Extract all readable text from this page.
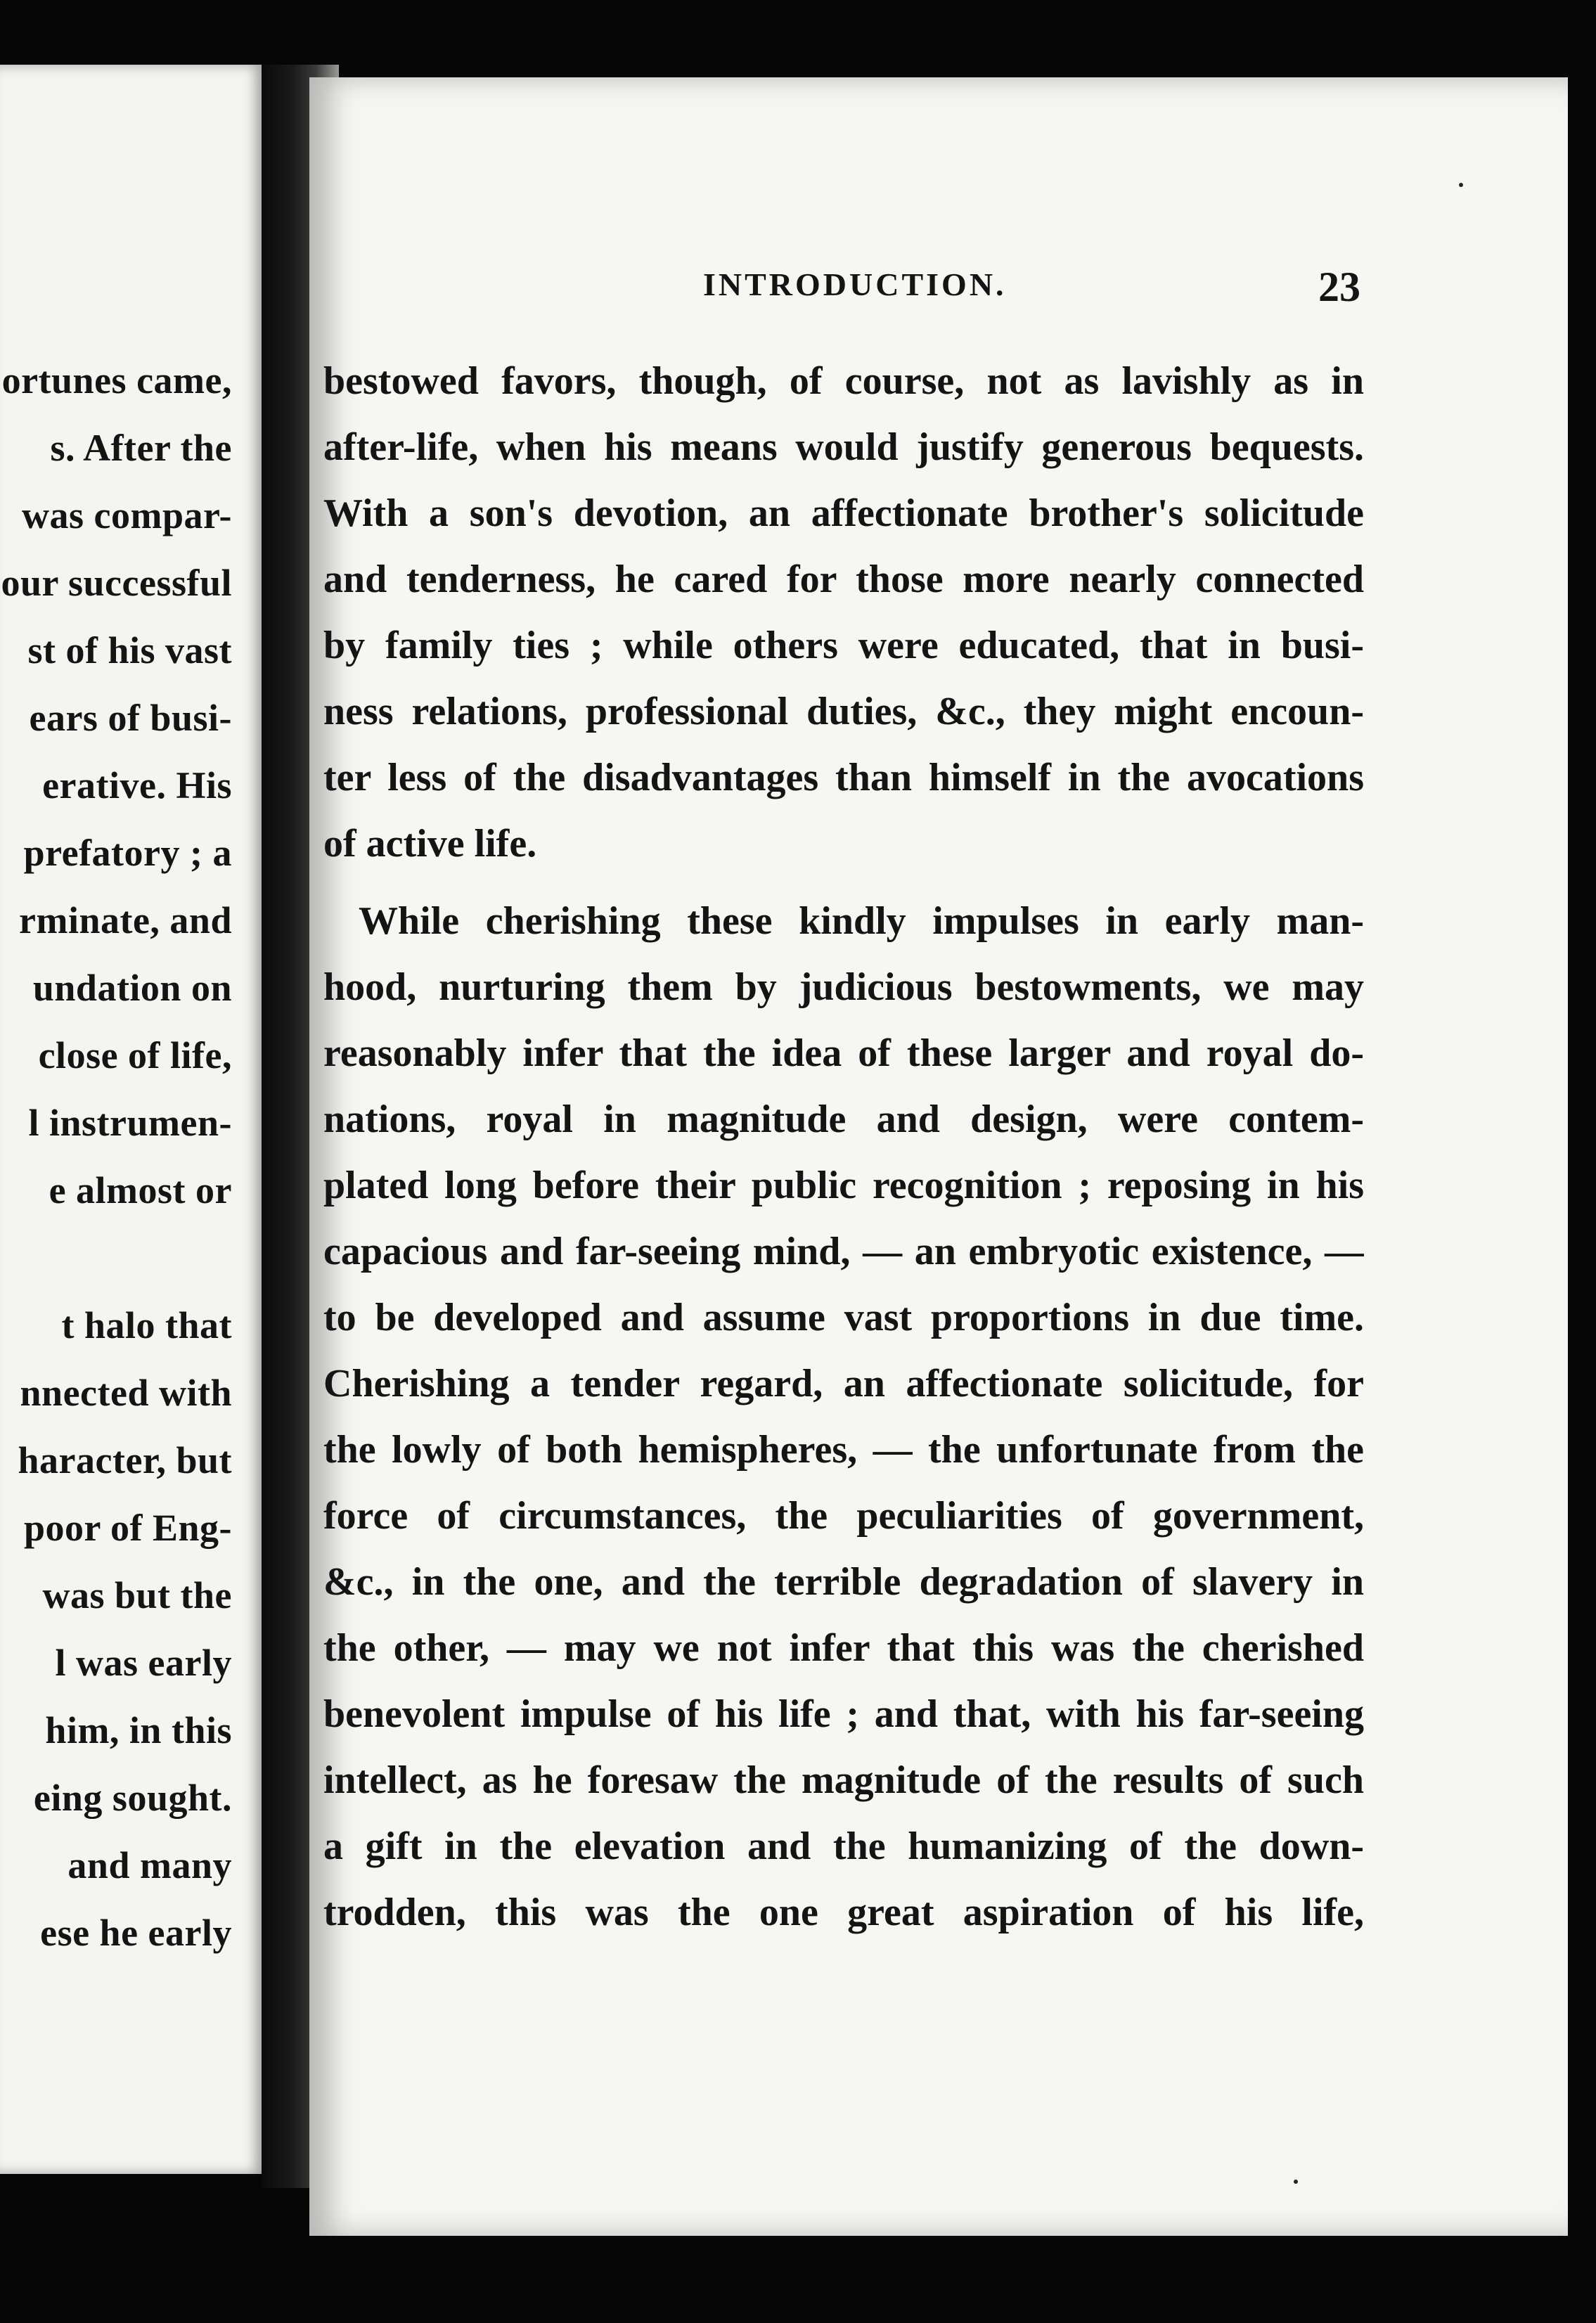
ortunes came,
s. After the
was compar-
our successful
st of his vast
ears of busi-
erative. His
prefatory ; a
rminate, and
undation on
close of life,
l instrumen-
e almost or
t halo that
nnected with
haracter, but
poor of Eng-
was but the
l was early
him, in this
eing sought.
and many
ese he early
INTRODUCTION.	23
bestowed favors, though, of course, not as lavishly as in
after-life, when his means would justify generous bequests.
With a son's devotion, an affectionate brother's solicitude
and tenderness, he cared for those more nearly connected
by family ties ; while others were educated, that in busi-
ness relations, professional duties, &c., they might encoun-
ter less of the disadvantages than himself in the avocations
of active life.
While cherishing these kindly impulses in early man-
hood, nurturing them by judicious bestowments, we may
reasonably infer that the idea of these larger and royal do-
nations, royal in magnitude and design, were contem-
plated long before their public recognition ; reposing in his
capacious and far-seeing mind, — an embryotic existence, —
to be developed and assume vast proportions in due time.
Cherishing a tender regard, an affectionate solicitude, for
the lowly of both hemispheres, — the unfortunate from the
force of circumstances, the peculiarities of government,
&c., in the one, and the terrible degradation of slavery in
the other, — may we not infer that this was the cherished
benevolent impulse of his life ; and that, with his far-seeing
intellect, as he foresaw the magnitude of the results of such
a gift in the elevation and the humanizing of the down-
trodden, this was the one great aspiration of his life,
